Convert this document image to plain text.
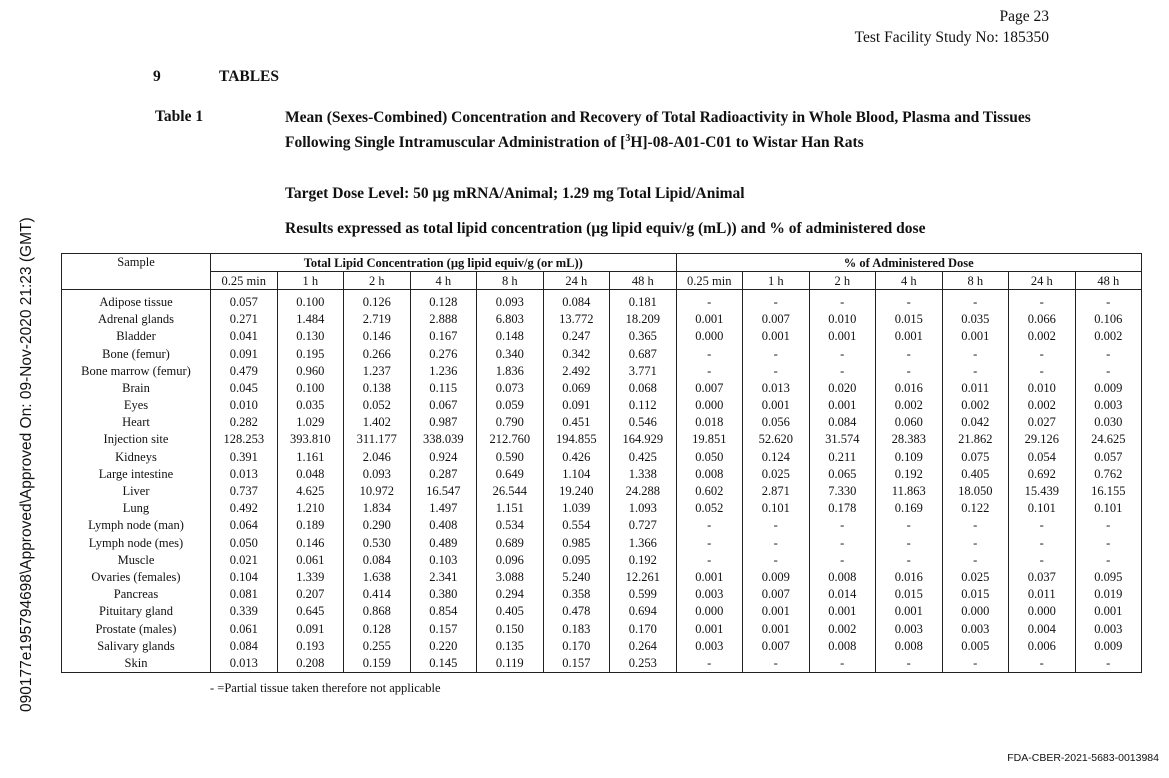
Page 23
Test Facility Study No: 185350
9	TABLES
Table 1	Mean (Sexes-Combined) Concentration and Recovery of Total Radioactivity in Whole Blood, Plasma and Tissues Following Single Intramuscular Administration of [$^3$H]-08-A01-C01 to Wistar Han Rats
Target Dose Level: 50 µg mRNA/Animal; 1.29 mg Total Lipid/Animal
Results expressed as total lipid concentration (µg lipid equiv/g (mL)) and % of administered dose
090177e195794698\Approved\Approved On: 09-Nov-2020 21:23 (GMT)	Sample	Total Lipid Concentration (µg lipid equiv/g (or mL))							% of Administered Dose						
	0.25 min	1 h	2 h	4 h	8 h	24 h	48 h	0.25 min	1 h	2 h	4 h	8 h	24 h	48 h
Adipose tissue	0.057	0.100	0.126	0.128	0.093	0.084	0.181	-	-	-	-	-	-	-
Adrenal glands	0.271	1.484	2.719	2.888	6.803	13.772	18.209	0.001	0.007	0.010	0.015	0.035	0.066	0.106
Bladder	0.041	0.130	0.146	0.167	0.148	0.247	0.365	0.000	0.001	0.001	0.001	0.001	0.002	0.002
Bone (femur)	0.091	0.195	0.266	0.276	0.340	0.342	0.687	-	-	-	-	-	-	-
Bone marrow (femur)	0.479	0.960	1.237	1.236	1.836	2.492	3.771	-	-	-	-	-	-	-
Brain	0.045	0.100	0.138	0.115	0.073	0.069	0.068	0.007	0.013	0.020	0.016	0.011	0.010	0.009
Eyes	0.010	0.035	0.052	0.067	0.059	0.091	0.112	0.000	0.001	0.001	0.002	0.002	0.002	0.003
Heart	0.282	1.029	1.402	0.987	0.790	0.451	0.546	0.018	0.056	0.084	0.060	0.042	0.027	0.030
Injection site	128.253	393.810	311.177	338.039	212.760	194.855	164.929	19.851	52.620	31.574	28.383	21.862	29.126	24.625
Kidneys	0.391	1.161	2.046	0.924	0.590	0.426	0.425	0.050	0.124	0.211	0.109	0.075	0.054	0.057
Large intestine	0.013	0.048	0.093	0.287	0.649	1.104	1.338	0.008	0.025	0.065	0.192	0.405	0.692	0.762
Liver	0.737	4.625	10.972	16.547	26.544	19.240	24.288	0.602	2.871	7.330	11.863	18.050	15.439	16.155
Lung	0.492	1.210	1.834	1.497	1.151	1.039	1.093	0.052	0.101	0.178	0.169	0.122	0.101	0.101
Lymph node (man)	0.064	0.189	0.290	0.408	0.534	0.554	0.727	-	-	-	-	-	-	-
Lymph node (mes)	0.050	0.146	0.530	0.489	0.689	0.985	1.366	-	-	-	-	-	-	-
Muscle	0.021	0.061	0.084	0.103	0.096	0.095	0.192	-	-	-	-	-	-	-
Ovaries (females)	0.104	1.339	1.638	2.341	3.088	5.240	12.261	0.001	0.009	0.008	0.016	0.025	0.037	0.095
Pancreas	0.081	0.207	0.414	0.380	0.294	0.358	0.599	0.003	0.007	0.014	0.015	0.015	0.011	0.019
Pituitary gland	0.339	0.645	0.868	0.854	0.405	0.478	0.694	0.000	0.001	0.001	0.001	0.000	0.000	0.001
Prostate (males)	0.061	0.091	0.128	0.157	0.150	0.183	0.170	0.001	0.001	0.002	0.003	0.003	0.004	0.003
Salivary glands	0.084	0.193	0.255	0.220	0.135	0.170	0.264	0.003	0.007	0.008	0.008	0.005	0.006	0.009
Skin	0.013	0.208	0.159	0.145	0.119	0.157	0.253	-	-	-	-	-	-	-
- =Partial tissue taken therefore not applicable
FDA-CBER-2021-5683-0013984
